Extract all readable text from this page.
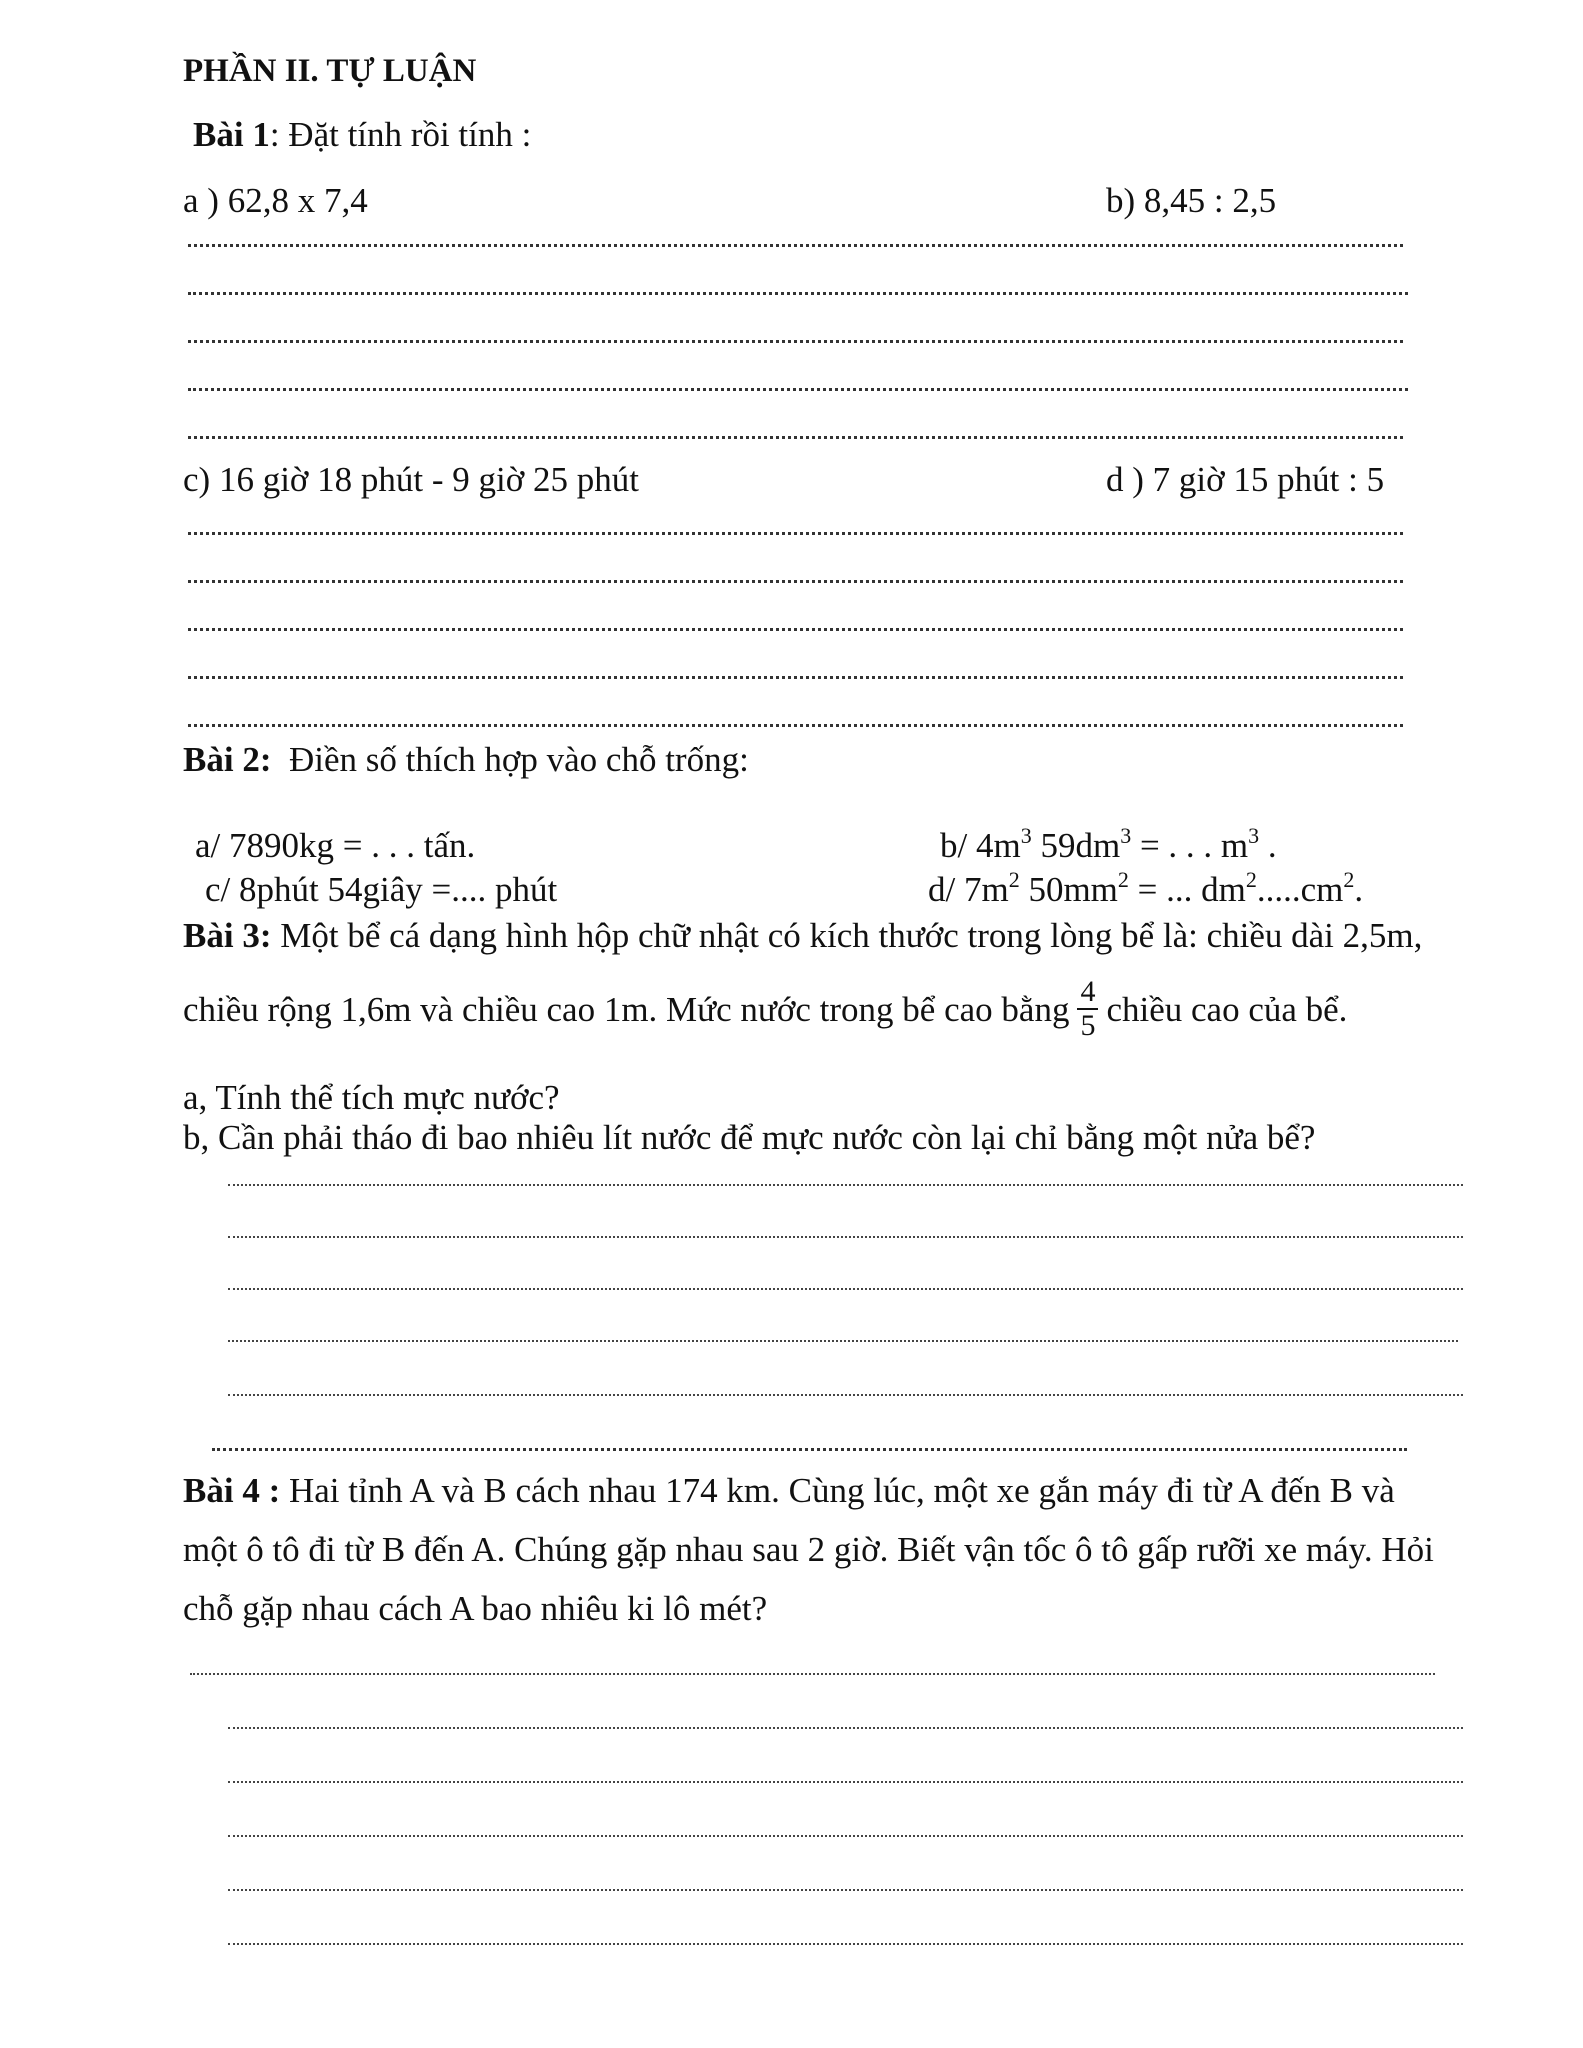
PHẦN II. TỰ LUẬN
Bài 1: Đặt tính rồi tính :
a ) 62,8 x 7,4	b) 8,45 : 2,5
c) 16 giờ 18 phút - 9 giờ 25 phút	d ) 7 giờ 15 phút : 5
Bài 2: Điền số thích hợp vào chỗ trống:
a/ 7890kg = . . . tấn.	b/ $4m^3$ $59dm^3$ = . . . $m^3$ .
c/ 8phút 54giây =.... phút	d/ $7m^2$ $50mm^2$ = ... $dm^2.....cm^2$.
Bài 3: Một bể cá dạng hình hộp chữ nhật có kích thước trong lòng bể là: chiều dài 2,5m,
chiều rộng 1,6m và chiều cao 1m. Mức nước trong bể cao bằng $\frac{4}{5}$ chiều cao của bể.
a, Tính thể tích mực nước?
b, Cần phải tháo đi bao nhiêu lít nước để mực nước còn lại chỉ bằng một nửa bể?
Bài 4 : Hai tỉnh A và B cách nhau 174 km. Cùng lúc, một xe gắn máy đi từ A đến B và
một ô tô đi từ B đến A. Chúng gặp nhau sau 2 giờ. Biết vận tốc ô tô gấp rưỡi xe máy. Hỏi
chỗ gặp nhau cách A bao nhiêu ki lô mét?
